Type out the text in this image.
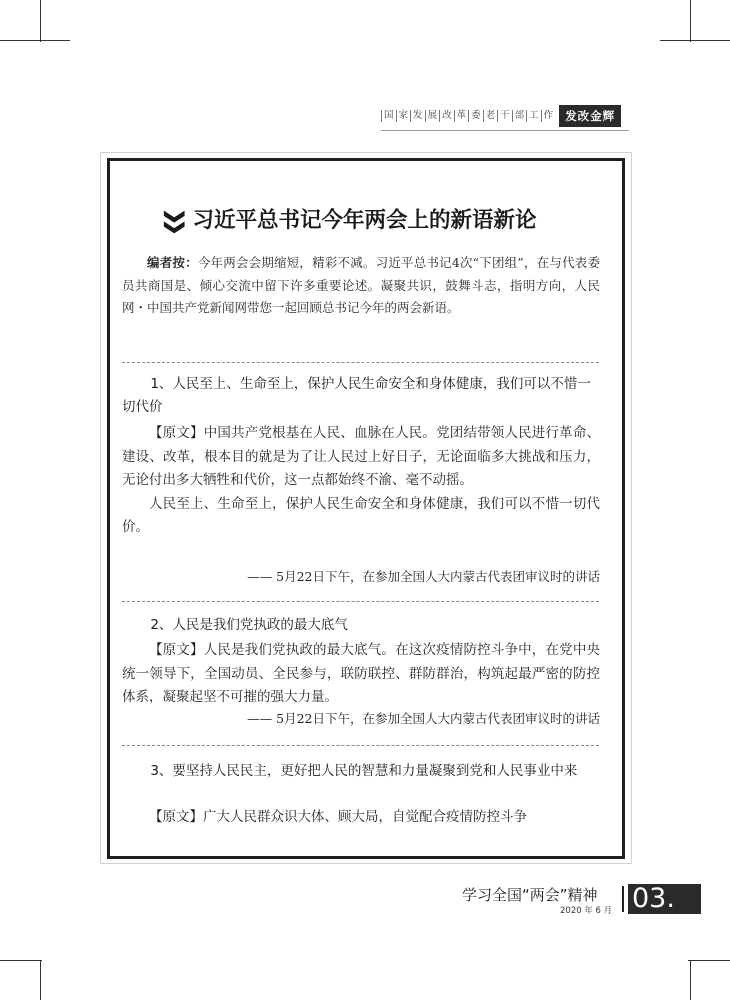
国 家 发 展 改 革 委 老 干 部 工 作	发改金辉
❯❯ 习近平总书记今年两会上的新语新论

编者按：今年两会会期缩短，精彩不减。习近平总书记4次“下团组”，在与代表委员共商国是、倾心交流中留下许多重要论述。凝聚共识，鼓舞斗志，指明方向，人民网・中国共产党新闻网带您一起回顾总书记今年的两会新语。

1、人民至上、生命至上，保护人民生命安全和身体健康，我们可以不惜一切代价

【原文】中国共产党根基在人民、血脉在人民。党团结带领人民进行革命、建设、改革，根本目的就是为了让人民过上好日子，无论面临多大挑战和压力，无论付出多大牺牲和代价，这一点都始终不渝、毫不动摇。

人民至上、生命至上，保护人民生命安全和身体健康，我们可以不惜一切代价。

—— 5月22日下午，在参加全国人大内蒙古代表团审议时的讲话
2、人民是我们党执政的最大底气

【原文】人民是我们党执政的最大底气。在这次疫情防控斗争中，在党中央统一领导下，全国动员、全民参与，联防联控、群防群治，构筑起最严密的防控体系，凝聚起坚不可摧的强大力量。

—— 5月22日下午，在参加全国人大内蒙古代表团审议时的讲话
3、要坚持人民民主，更好把人民的智慧和力量凝聚到党和人民事业中来

【原文】广大人民群众识大体、顾大局，自觉配合疫情防控斗争

学习全国“两会”精神
2020 年 6 月 03.
